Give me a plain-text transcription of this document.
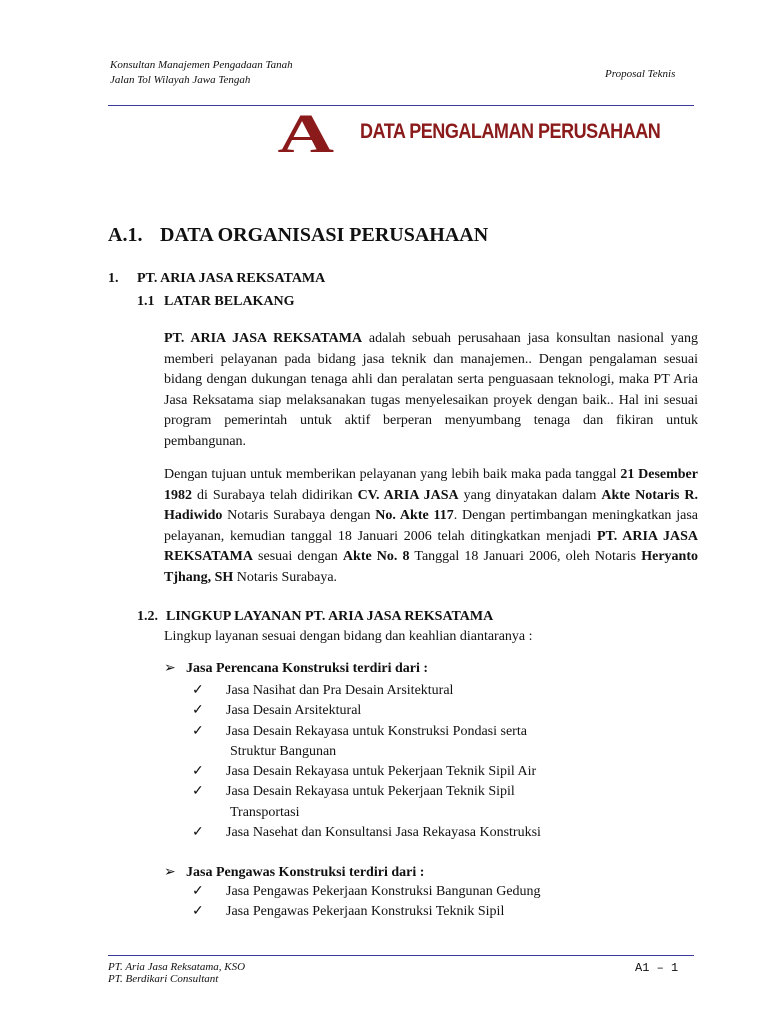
Konsultan Manajemen Pengadaan Tanah
Jalan Tol Wilayah Jawa Tengah	Proposal Teknis
A DATA PENGALAMAN PERUSAHAAN
A.1. DATA ORGANISASI PERUSAHAAN
1. PT. ARIA JASA REKSATAMA
1.1 LATAR BELAKANG
PT. ARIA JASA REKSATAMA adalah sebuah perusahaan jasa konsultan nasional yang memberi pelayanan pada bidang jasa teknik dan manajemen.. Dengan pengalaman sesuai bidang dengan dukungan tenaga ahli dan peralatan serta penguasaan teknologi, maka PT Aria Jasa Reksatama siap melaksanakan tugas menyelesaikan proyek dengan baik.. Hal ini sesuai program pemerintah untuk aktif berperan menyumbang tenaga dan fikiran untuk pembangunan.
Dengan tujuan untuk memberikan pelayanan yang lebih baik maka pada tanggal 21 Desember 1982 di Surabaya telah didirikan CV. ARIA JASA yang dinyatakan dalam Akte Notaris R. Hadiwido Notaris Surabaya dengan No. Akte 117. Dengan pertimbangan meningkatkan jasa pelayanan, kemudian tanggal 18 Januari 2006 telah ditingkatkan menjadi PT. ARIA JASA REKSATAMA sesuai dengan Akte No. 8 Tanggal 18 Januari 2006, oleh Notaris Heryanto Tjhang, SH Notaris Surabaya.
1.2. LINGKUP LAYANAN PT. ARIA JASA REKSATAMA
Lingkup layanan sesuai dengan bidang dan keahlian diantaranya :
➢ Jasa Perencana Konstruksi terdiri dari :
✓ Jasa Nasihat dan Pra Desain Arsitektural
✓ Jasa Desain Arsitektural
✓ Jasa Desain Rekayasa untuk Konstruksi Pondasi serta
Struktur Bangunan
✓ Jasa Desain Rekayasa untuk Pekerjaan Teknik Sipil Air
✓ Jasa Desain Rekayasa untuk Pekerjaan Teknik Sipil
Transportasi
✓ Jasa Nasehat dan Konsultansi Jasa Rekayasa Konstruksi
➢ Jasa Pengawas Konstruksi terdiri dari :
✓ Jasa Pengawas Pekerjaan Konstruksi Bangunan Gedung
✓ Jasa Pengawas Pekerjaan Konstruksi Teknik Sipil
PT. Aria Jasa Reksatama, KSO
PT. Berdikari Consultant
A1 – 1
